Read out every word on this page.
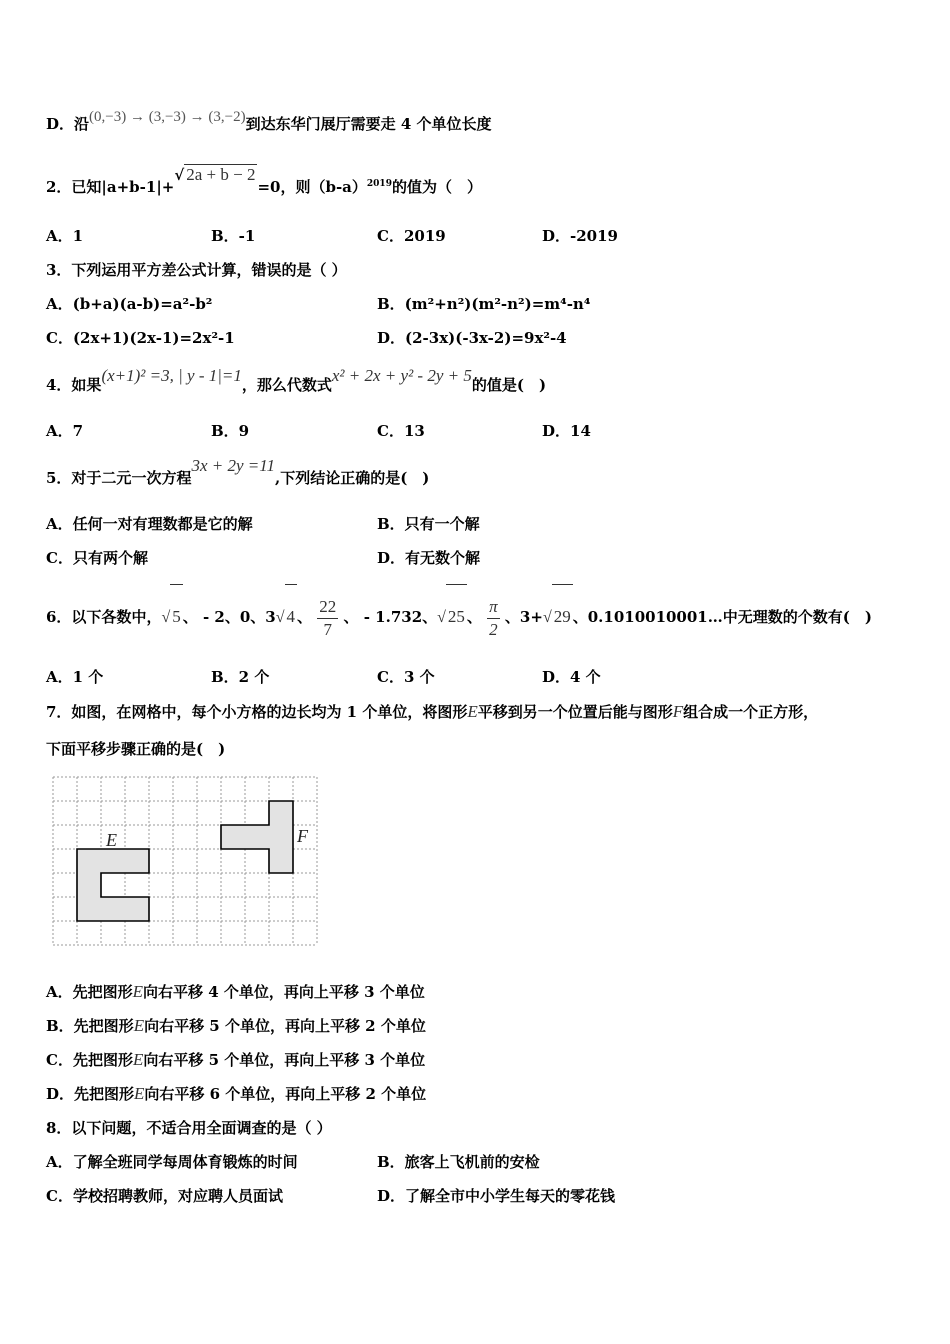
D．沿(0,−3) → (3,−3) → (3,−2)到达东华门展厅需要走 4 个单位长度
2．已知|a+b-1|+√ 2a + b − 2=0，则$(b-a)^{2019}$的值为（　）
A．1	B．-1	C．2019	D．-2019
3．下列运用平方差公式计算，错误的是（ ）
A．(b+a)(a-b)=a²-b²	B．(m²+n²)(m²-n²)=m⁴-n⁴
C．(2x+1)(2x-1)=2x²-1	D．(2-3x)(-3x-2)=9x²-4
4．如果(x+1)² =3, | y - 1|=1，那么代数式x² + 2x + y² - 2y + 5的值是(　)
A．7	B．9	C．13	D．14
5．对于二元一次方程3x + 2y =11,下列结论正确的是(　)
A．任何一对有理数都是它的解	B．只有一个解
C．只有两个解	D．有无数个解
6．以下各数中，√ 5 、 - 2、0、3√ 4 、 $\frac{22}{7}$ 、 - 1.732、√ 25 、 $\frac{\pi}{2}$ 、3+√ 29 、0.1010010001…中无理数的个数有(　)
A．1 个	B．2 个	C．3 个	D．4 个
7．如图，在网格中，每个小方格的边长均为 1 个单位，将图形E平移到另一个位置后能与图形F组合成一个正方形，
下面平移步骤正确的是(　)
E	F
A．先把图形E向右平移 4 个单位，再向上平移 3 个单位
B．先把图形E向右平移 5 个单位，再向上平移 2 个单位
C．先把图形E向右平移 5 个单位，再向上平移 3 个单位
D．先把图形E向右平移 6 个单位，再向上平移 2 个单位
8．以下问题，不适合用全面调查的是（ ）
A．了解全班同学每周体育锻炼的时间	B．旅客上飞机前的安检
C．学校招聘教师，对应聘人员面试	D．了解全市中小学生每天的零花钱
